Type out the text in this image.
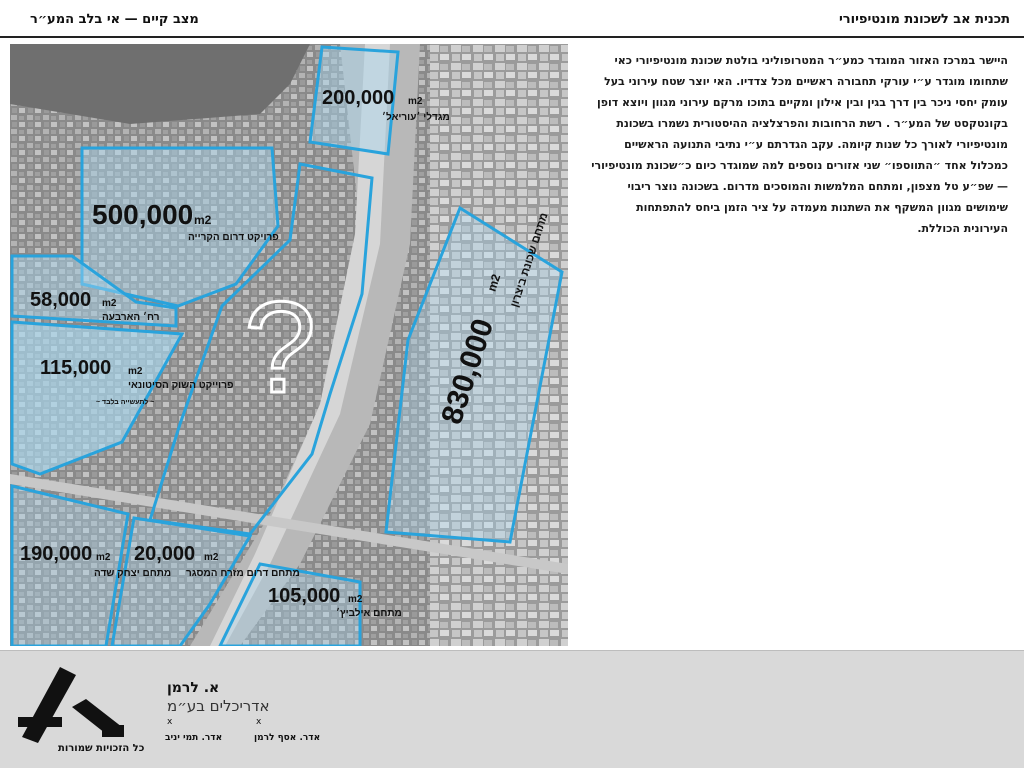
תכנית אב לשכונת מונטיפיורי
מצב קיים — אי בלב המע״ר
?
200,000 m2
מגדלי ׳עוריאל׳
500,000 m2
פרויקט דרום הקרייה
58,000 m2
רח׳ הארבעה
115,000 m2
פרוייקט השוק הסיטונאי
~ לתעשייה בלבד ~	830,000
m2 מתחם שכונת ביצרון
190,000 m2
מתחם יצחק שדה
20,000 m2
מתחם דרום מזרח המסגר
105,000 m2
מתחם אילביץ׳
היישר במרכז האזור המוגדר כמע״ר המטרופוליני בולטת שכונת מונטיפיורי כאי שתחומו מוגדר ע״י עורקי תחבורה ראשיים מכל צדדיו. האי יוצר שטח עירוני בעל עומק יחסי ניכר בין דרך בגין ובין אילון ומקיים בתוכו מרקם עירוני מגוון ויוצא דופן בקונטקסט של המע״ר . רשת הרחובות והפרצלציה ההיסטורית נשמרו בשכונת מונטיפיורי לאורך כל שנות קיומה. עקב הגדרתם ע״י נתיבי התנועה הראשיים כמכלול אחד ״התווספו״ שני אזורים נוספים למה שמוגדר כיום כ״שכונת מונטיפיורי — שפ״ע טל מצפון, ומתחם המלמשות והמוסכים מדרום. בשכונה נוצר ריבוי שימושים מגוון המשקף את השתנות מעמדה על ציר הזמן ביחס להתפתחות העירונית הכוללת.
א. לרמן
אדריכלים בע״מ
x
x
אדר. אסף לרמן
אדר. תמי יניב
כל הזכויות שמורות
